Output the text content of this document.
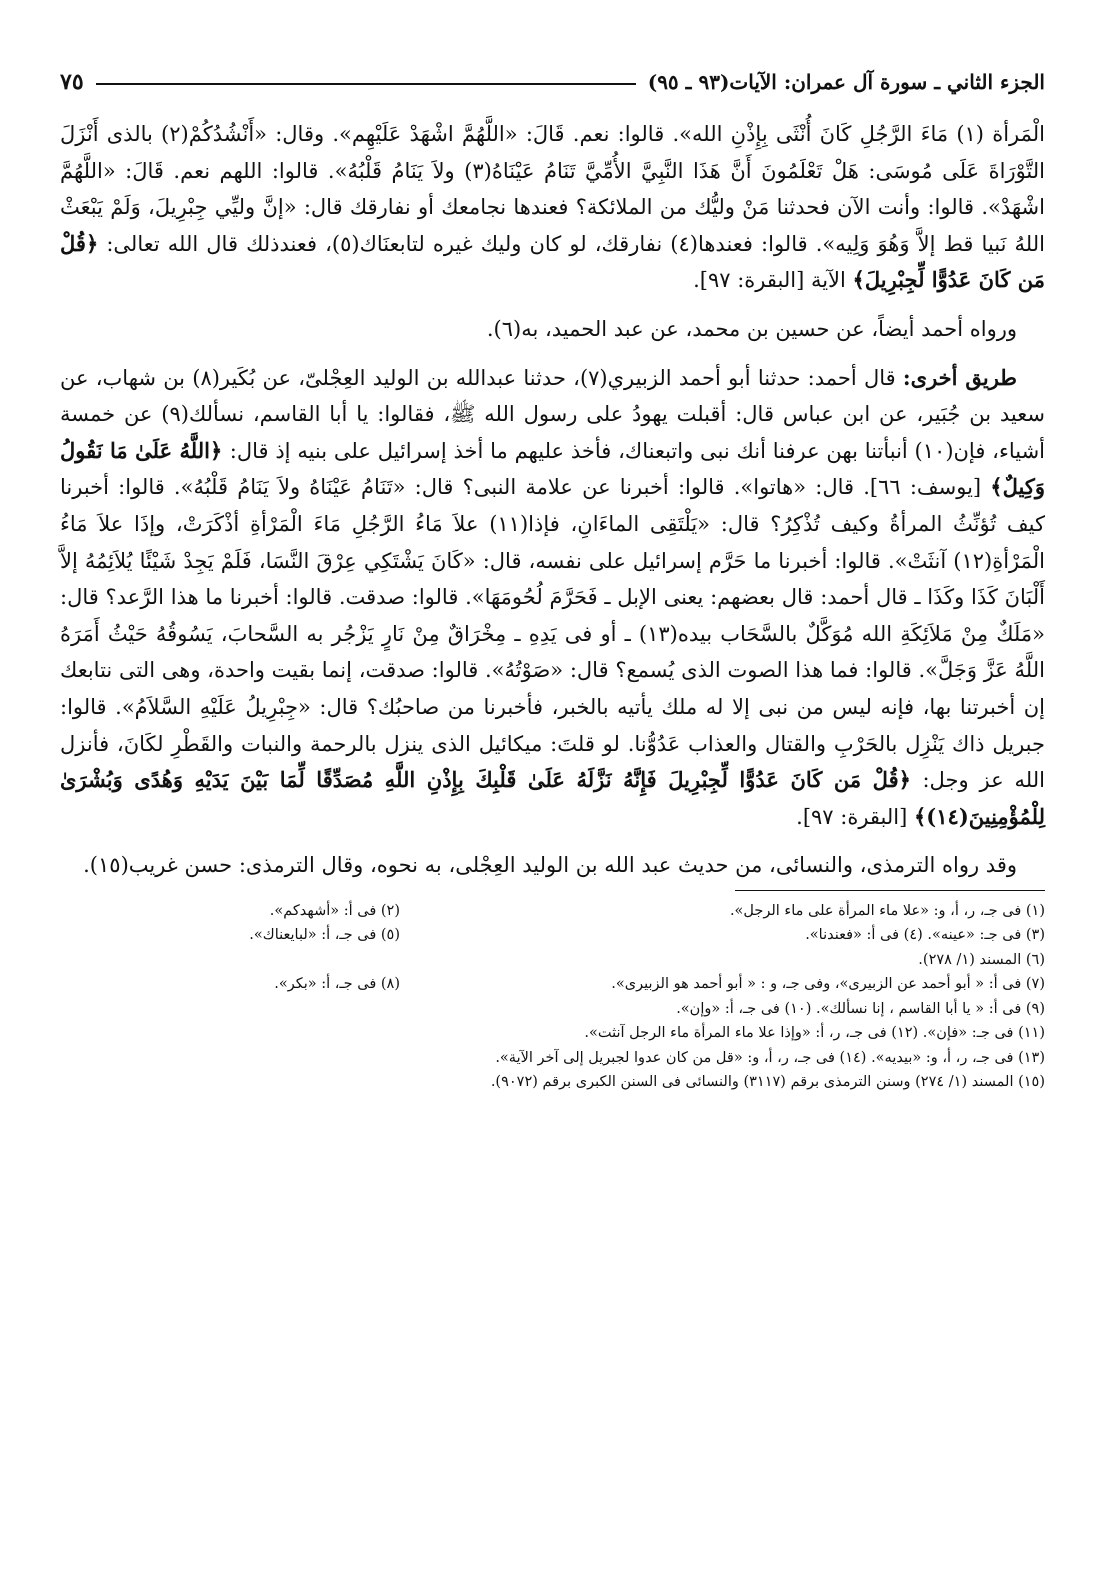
الجزء الثاني ـ سورة آل عمران: الآيات(٩٣ ـ ٩٥)
٧٥

الْمَرأة (١) مَاءَ الرَّجُلِ كَانَ أُنْثَى بِإِذْنِ الله». قالوا: نعم. قَالَ: «اللَّهُمَّ اشْهَدْ عَلَيْهِم». وقال: «أَنْشُدُكُمْ(٢) بالذى أَنْزَلَ التَّوْرَاةَ عَلَى مُوسَى: هَلْ تَعْلَمُونَ أَنَّ هَذَا النَّبِيَّ الأُمِّيَّ تَنَامُ عَيْنَاهُ(٣) ولاَ يَنَامُ قَلْبُهُ». قالوا: اللهم نعم. قَالَ: «اللَّهُمَّ اشْهَدْ». قالوا: وأنت الآن فحدثنا مَنْ وليُّك من الملائكة؟ فعندها نجامعك أو نفارقك قال: «إنَّ وليِّي جِبْرِيلَ، وَلَمْ يَبْعَثْ اللهُ نَبيا قط إلاَّ وَهُوَ وَلِيه». قالوا: فعندها(٤) نفارقك، لو كان وليك غيره لتابعنَاك(٥)، فعندذلك قال الله تعالى: ﴿قُلْ مَن كَانَ عَدُوًّا لِّجِبْرِيلَ﴾ الآية [البقرة: ٩٧].

ورواه أحمد أيضاً، عن حسين بن محمد، عن عبد الحميد، به(٦).

طريق أخرى: قال أحمد: حدثنا أبو أحمد الزبيري(٧)، حدثنا عبدالله بن الوليد العِجْلىّ، عن بُكَير(٨) بن شهاب، عن سعيد بن جُبَير، عن ابن عباس قال: أقبلت يهودُ على رسول الله ﷺ، فقالوا: يا أبا القاسم، نسألك(٩) عن خمسة أشياء، فإن(١٠) أنبأتنا بهن عرفنا أنك نبى واتبعناك، فأخذ عليهم ما أخذ إسرائيل على بنيه إذ قال: ﴿اللَّهُ عَلَىٰ مَا نَقُولُ وَكِيلٌ﴾ [يوسف: ٦٦]. قال: «هاتوا». قالوا: أخبرنا عن علامة النبى؟ قال: «تَنَامُ عَيْنَاهُ ولاَ يَنَامُ قَلْبُهُ». قالوا: أخبرنا كيف تُؤنِّثُ المرأةُ وكيف تُذْكِرُ؟ قال: «يَلْتَقِى الماءَانِ، فإذا(١١) علاَ مَاءُ الرَّجُلِ مَاءَ الْمَرْأةِ أذْكَرَتْ، وإذَا علاَ مَاءُ الْمَرْأةِ(١٢) آنثَتْ». قالوا: أخبرنا ما حَرَّم إسرائيل على نفسه، قال: «كَانَ يَشْتَكِي عِرْقَ النَّسَا، فَلَمْ يَجِدْ شَيْئًا يُلاَئِمُهُ إلاَّ أَلْبَانَ كَذَا وكَذَا ـ قال أحمد: قال بعضهم: يعنى الإبل ـ فَحَرَّمَ لُحُومَهَا». قالوا: صدقت. قالوا: أخبرنا ما هذا الرَّعد؟ قال: «مَلَكٌ مِنْ مَلاَئِكَةِ الله مُوَكَّلٌ بالسَّحَاب بيده(١٣) ـ أو فى يَدِهِ ـ مِخْرَاقٌ مِنْ نَارٍ يَزْجُر به السَّحابَ، يَسُوقُهُ حَيْثُ أَمَرَهُ اللَّهُ عَزَّ وَجَلَّ». قالوا: فما هذا الصوت الذى يُسمع؟ قال: «صَوْتُهُ». قالوا: صدقت، إنما بقيت واحدة، وهى التى نتابعك إن أخبرتنا بها، فإنه ليس من نبى إلا له ملك يأتيه بالخبر، فأخبرنا من صاحبُك؟ قال: «جِبْرِيلُ عَلَيْهِ السَّلاَمُ». قالوا: جبريل ذاك يَنْزِل بالحَرْبِ والقتال والعذاب عَدُوُّنا. لو قلتَ: ميكائيل الذى ينزل بالرحمة والنبات والقَطْرِ لكَانَ، فأنزل الله عز وجل: ﴿قُلْ مَن كَانَ عَدُوًّا لِّجِبْرِيلَ فَإِنَّهُ نَزَّلَهُ عَلَىٰ قَلْبِكَ بِإِذْنِ اللَّهِ مُصَدِّقًا لِّمَا بَيْنَ يَدَيْهِ وَهُدًى وَبُشْرَىٰ لِلْمُؤْمِنِينَ(١٤)﴾ [البقرة: ٩٧].

وقد رواه الترمذى، والنسائى، من حديث عبد الله بن الوليد العِجْلى، به نحوه، وقال الترمذى: حسن غريب(١٥).

(١) فى جـ، ر، أ، و: «علا ماء المرأة على ماء الرجل».
(٢) فى أ: «أشهدكم».
(٣) فى جـ: «عينه». (٤) فى أ: «فعندنا».
(٥) فى جـ، أ: «لبايعناك».
(٦) المسند (١/ ٢٧٨).
(٧) فى أ: « أبو أحمد عن الزبيرى»، وفى جـ، و : « أبو أحمد هو الزبيرى».
(٨) فى جـ، أ: «بكر».
(٩) فى أ: « يا أبا القاسم ، إنا نسألك». (١٠) فى جـ، أ: «وإن».
(١١) فى جـ: «فإن». (١٢) فى جـ، ر، أ: «وإذا علا ماء المرأة ماء الرجل آنثت».
(١٣) فى جـ، ر، أ، و: «بيديه». (١٤) فى جـ، ر، أ، و: «قل من كان عدوا لجبريل إلى آخر الآية».
(١٥) المسند (١/ ٢٧٤) وسنن الترمذى برقم (٣١١٧) والنسائى فى السنن الكبرى برقم (٩٠٧٢).
